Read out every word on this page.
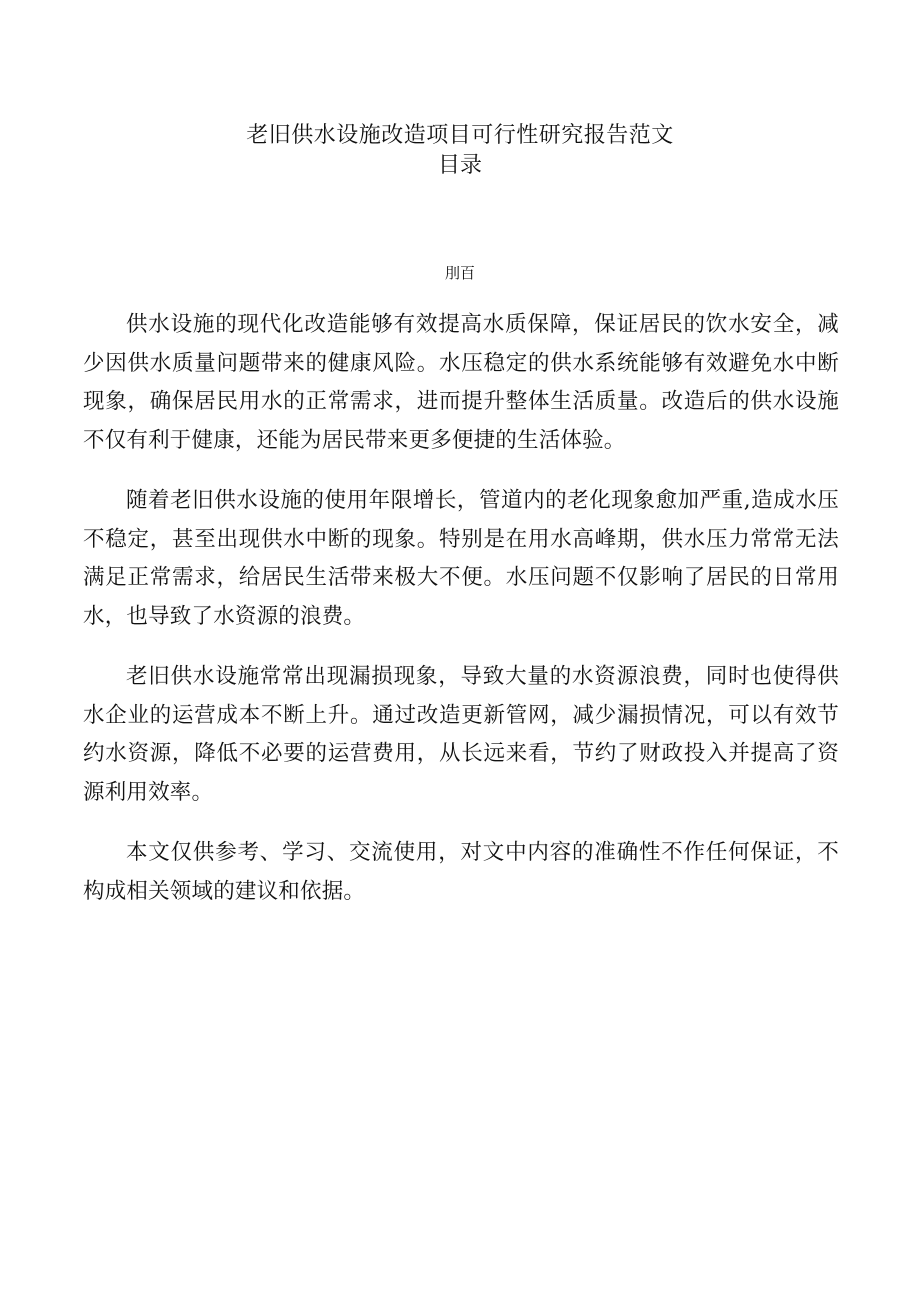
老旧供水设施改造项目可行性研究报告范文
目录
刖百

供水设施的现代化改造能够有效提高水质保障，保证居民的饮水安全，减少因供水质量问题带来的健康风险。水压稳定的供水系统能够有效避免水中断现象，确保居民用水的正常需求，进而提升整体生活质量。改造后的供水设施不仅有利于健康，还能为居民带来更多便捷的生活体验。

随着老旧供水设施的使用年限增长，管道内的老化现象愈加严重,造成水压不稳定，甚至出现供水中断的现象。特别是在用水高峰期，供水压力常常无法满足正常需求，给居民生活带来极大不便。水压问题不仅影响了居民的日常用水，也导致了水资源的浪费。

老旧供水设施常常出现漏损现象，导致大量的水资源浪费，同时也使得供水企业的运营成本不断上升。通过改造更新管网，减少漏损情况，可以有效节约水资源，降低不必要的运营费用，从长远来看，节约了财政投入并提高了资源利用效率。

本文仅供参考、学习、交流使用，对文中内容的准确性不作任何保证，不构成相关领域的建议和依据。
